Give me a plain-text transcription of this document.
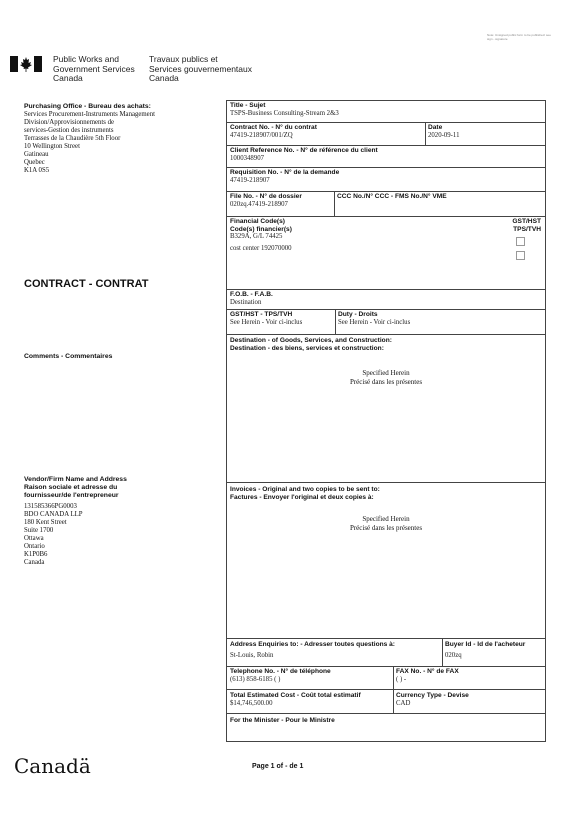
Note: Unsigned public form to be published: see
sign - signature
Public Works and
Government Services
Canada
Travaux publics et
Services gouvernementaux
Canada
Purchasing Office - Bureau des achats:
Services Procurement-Instruments Management
Division/Approvisionnements de
services-Gestion des instruments
Terrasses de la Chaudière 5th Floor
10 Wellington Street
Gatineau
Quebec
K1A 0S5
CONTRACT - CONTRAT
Comments - Commentaires
Vendor/Firm Name and Address
Raison sociale et adresse du
fournisseur/de l'entrepreneur
131585366PG0003
BDO CANADA LLP
180 Kent Street
Suite 1700
Ottawa
Ontario
K1P0B6
Canada
Title - Sujet
TSPS-Business Consulting-Stream 2&3
Contract No. - N° du contrat
47419-218907/001/ZQ
Date
2020-09-11
Client Reference No. - N° de référence du client
1000348907
Requisition No. - N° de la demande
47419-218907
File No. - N° de dossier
020zq.47419-218907
CCC No./N° CCC - FMS No./N° VME
Financial Code(s)
Code(s) financier(s)
B329A, G/L 74425
cost center 192070000
GST/HST
TPS/TVH
F.O.B. - F.A.B.
Destination
GST/HST - TPS/TVH
See Herein - Voir ci-inclus
Duty - Droits
See Herein - Voir ci-inclus
Destination - of Goods, Services, and Construction:
Destination - des biens, services et construction:
Specified Herein
Précisé dans les présentes
Invoices - Original and two copies to be sent to:
Factures - Envoyer l'original et deux copies à:
Specified Herein
Précisé dans les présentes
Address Enquiries to: - Adresser toutes questions à:
St-Louis, Robin
Buyer Id - Id de l'acheteur
020zq
Telephone No. - N° de téléphone
(613) 858-6185 ( )
FAX No. - N° de FAX
( ) -
Total Estimated Cost - Coût total estimatif
$14,746,500.00
Currency Type - Devise
CAD
For the Minister - Pour le Ministre
Canadä	Page 1 of - de 1
